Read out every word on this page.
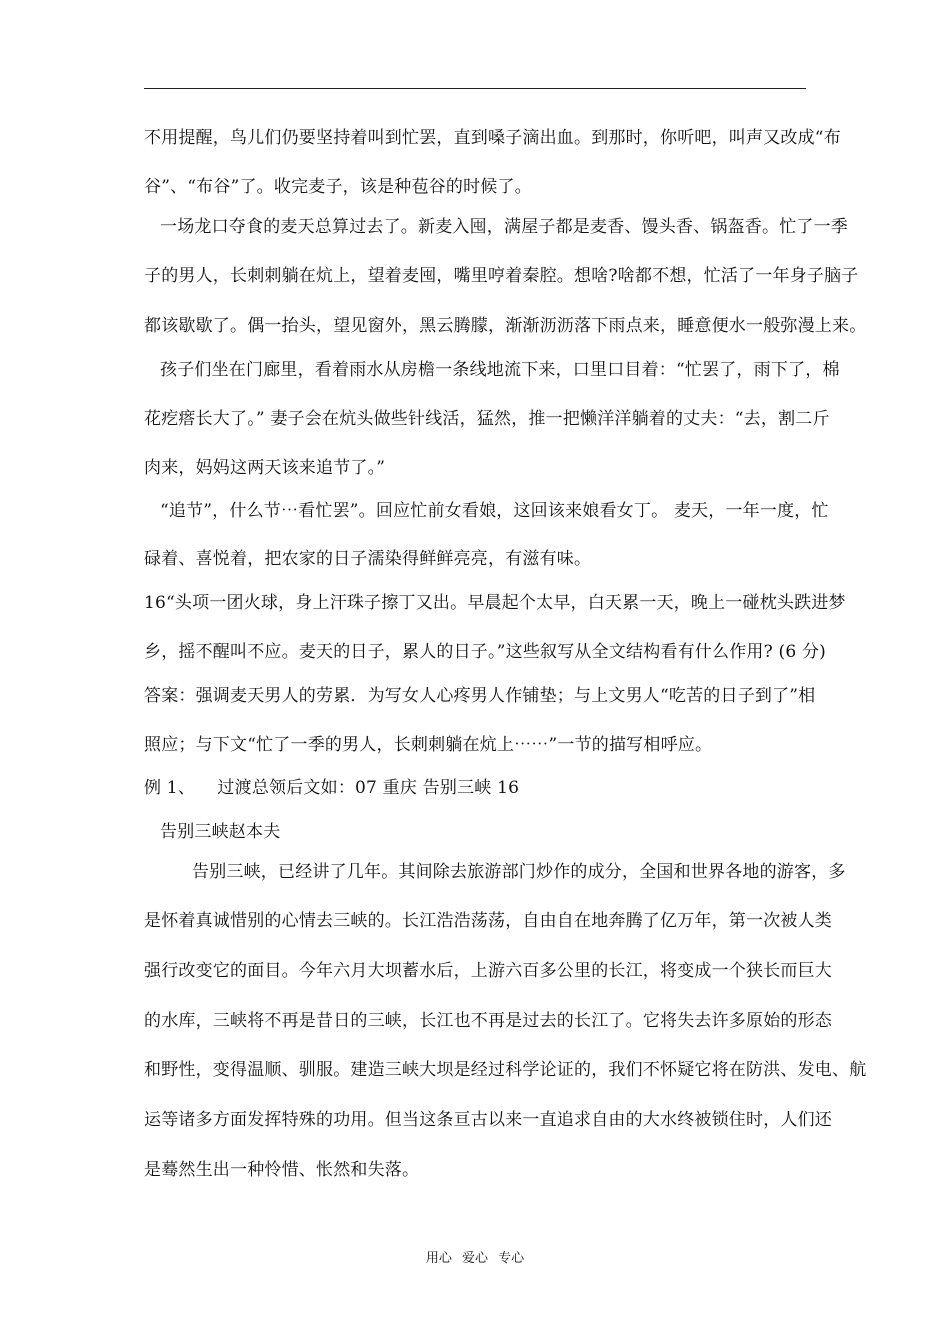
不用提醒，鸟儿们仍要坚持着叫到忙罢，直到嗓子滴出血。到那时，你听吧，叫声又改成“布
谷”、“布谷”了。收完麦子，该是种苞谷的时候了。
一场龙口夺食的麦天总算过去了。新麦入囤，满屋子都是麦香、馒头香、锅盔香。忙了一季
子的男人，长刺刺躺在炕上，望着麦囤，嘴里哼着秦腔。想啥?啥都不想，忙活了一年身子脑子
都该歇歇了。偶一抬头，望见窗外，黑云腾朦，渐渐沥沥落下雨点来，睡意便水一般弥漫上来。
孩子们坐在门廊里，看着雨水从房檐一条线地流下来，口里口目着：“忙罢了，雨下了，棉
花疙瘩长大了。” 妻子会在炕头做些针线活，猛然，推一把懒洋洋躺着的丈夫：“去，割二斤
肉来，妈妈这两天该来追节了。”
“追节”，什么节⋯看忙罢”。回应忙前女看娘，这回该来娘看女丁。 麦天，一年一度，忙
碌着、喜悦着，把农家的日子濡染得鲜鲜亮亮，有滋有味。
16“头项一团火球，身上汗珠子擦丁又出。早晨起个太早，白天累一天，晚上一碰枕头跌进梦
乡，摇不醒叫不应。麦天的日子，累人的日子。”这些叙写从全文结构看有什么作用? (6 分)
答案：强调麦天男人的劳累．为写女人心疼男人作铺垫；与上文男人“吃苦的日子到了”相
照应；与下文“忙了一季的男人，长刺刺躺在炕上⋯⋯”一节的描写相呼应。
例 1、    过渡总领后文如：07 重庆 告别三峡 16
告别三峡赵本夫
告别三峡，已经讲了几年。其间除去旅游部门炒作的成分，全国和世界各地的游客，多
是怀着真诚惜别的心情去三峡的。长江浩浩荡荡，自由自在地奔腾了亿万年，第一次被人类
强行改变它的面目。今年六月大坝蓄水后，上游六百多公里的长江，将变成一个狭长而巨大
的水库，三峡将不再是昔日的三峡，长江也不再是过去的长江了。它将失去许多原始的形态
和野性，变得温顺、驯服。建造三峡大坝是经过科学论证的，我们不怀疑它将在防洪、发电、航
运等诸多方面发挥特殊的功用。但当这条亘古以来一直追求自由的大水终被锁住时，人们还
是蓦然生出一种怜惜、怅然和失落。
用心 爱心 专心
